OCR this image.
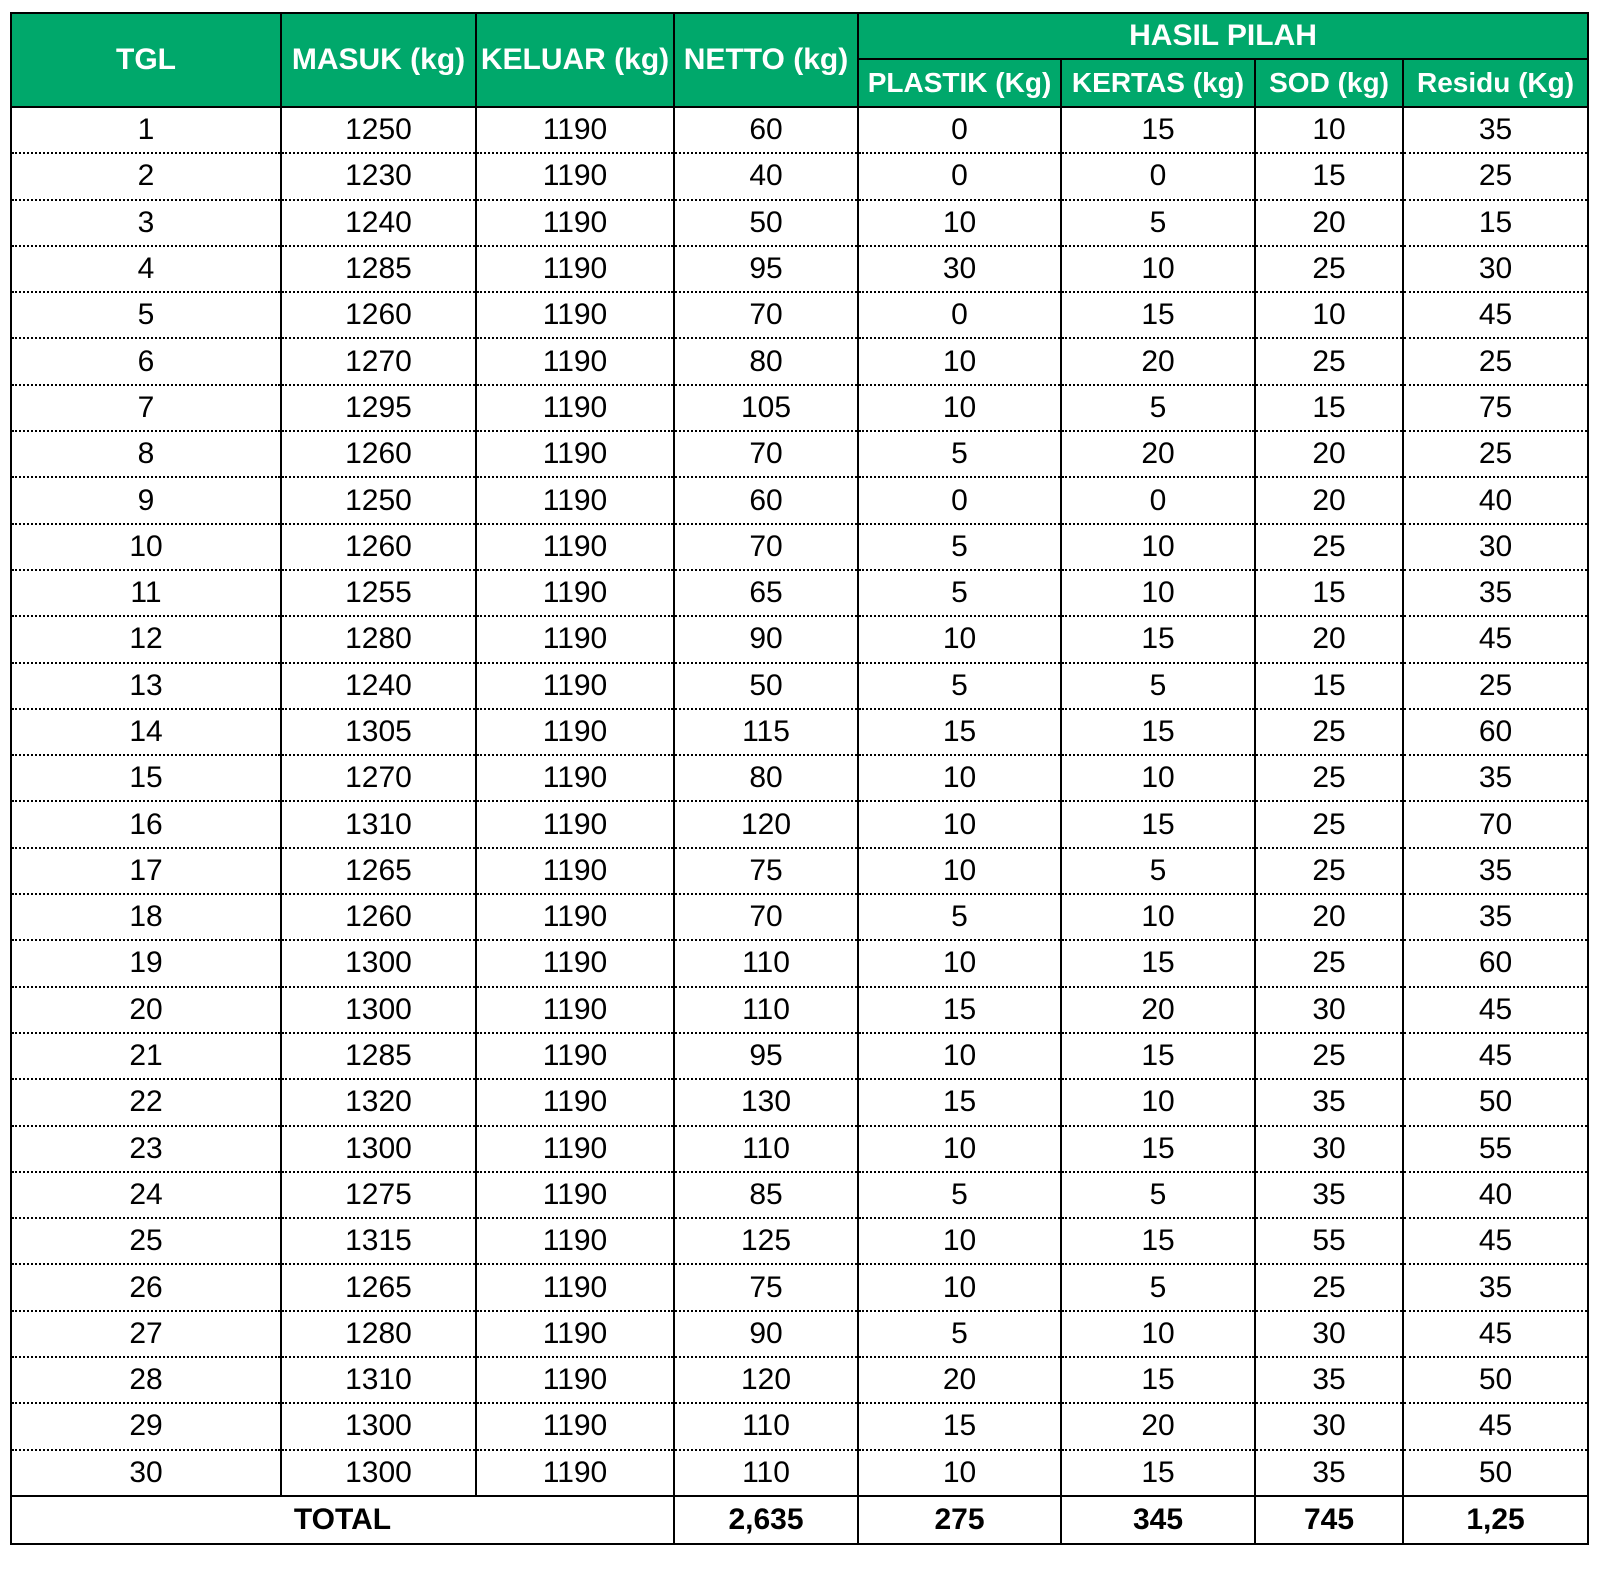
TGL	MASUK (kg)	KELUAR (kg)	NETTO (kg)	HASIL PILAH			
				PLASTIK (Kg)	KERTAS (kg)	SOD (kg)	Residu (Kg)
1	1250	1190	60	0	15	10	35
2	1230	1190	40	0	0	15	25
3	1240	1190	50	10	5	20	15
4	1285	1190	95	30	10	25	30
5	1260	1190	70	0	15	10	45
6	1270	1190	80	10	20	25	25
7	1295	1190	105	10	5	15	75
8	1260	1190	70	5	20	20	25
9	1250	1190	60	0	0	20	40
10	1260	1190	70	5	10	25	30
11	1255	1190	65	5	10	15	35
12	1280	1190	90	10	15	20	45
13	1240	1190	50	5	5	15	25
14	1305	1190	115	15	15	25	60
15	1270	1190	80	10	10	25	35
16	1310	1190	120	10	15	25	70
17	1265	1190	75	10	5	25	35
18	1260	1190	70	5	10	20	35
19	1300	1190	110	10	15	25	60
20	1300	1190	110	15	20	30	45
21	1285	1190	95	10	15	25	45
22	1320	1190	130	15	10	35	50
23	1300	1190	110	10	15	30	55
24	1275	1190	85	5	5	35	40
25	1315	1190	125	10	15	55	45
26	1265	1190	75	10	5	25	35
27	1280	1190	90	5	10	30	45
28	1310	1190	120	20	15	35	50
29	1300	1190	110	15	20	30	45
30	1300	1190	110	10	15	35	50
TOTAL			2,635	275	345	745	1,25
